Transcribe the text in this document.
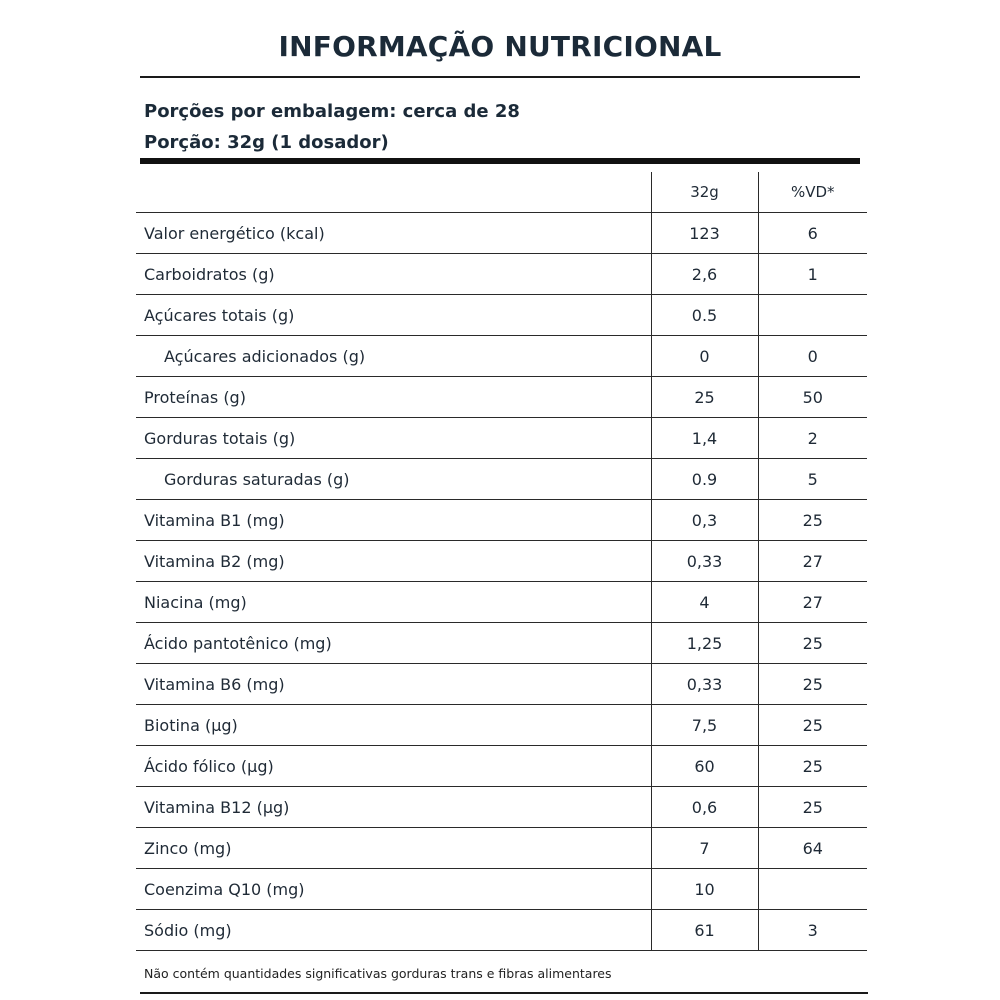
INFORMAÇÃO NUTRICIONAL
Porções por embalagem: cerca de 28
Porção: 32g (1 dosador)
	32g	%VD*
Valor energético (kcal)	123	6
Carboidratos (g)	2,6	1
Açúcares totais (g)	0.5	
Açúcares adicionados (g)	0	0
Proteínas (g)	25	50
Gorduras totais (g)	1,4	2
Gorduras saturadas (g)	0.9	5
Vitamina B1 (mg)	0,3	25
Vitamina B2 (mg)	0,33	27
Niacina (mg)	4	27
Ácido pantotênico (mg)	1,25	25
Vitamina B6 (mg)	0,33	25
Biotina (µg)	7,5	25
Ácido fólico (µg)	60	25
Vitamina B12 (µg)	0,6	25
Zinco (mg)	7	64
Coenzima Q10 (mg)	10	
Sódio (mg)	61	3
Não contém quantidades significativas gorduras trans e fibras alimentares
